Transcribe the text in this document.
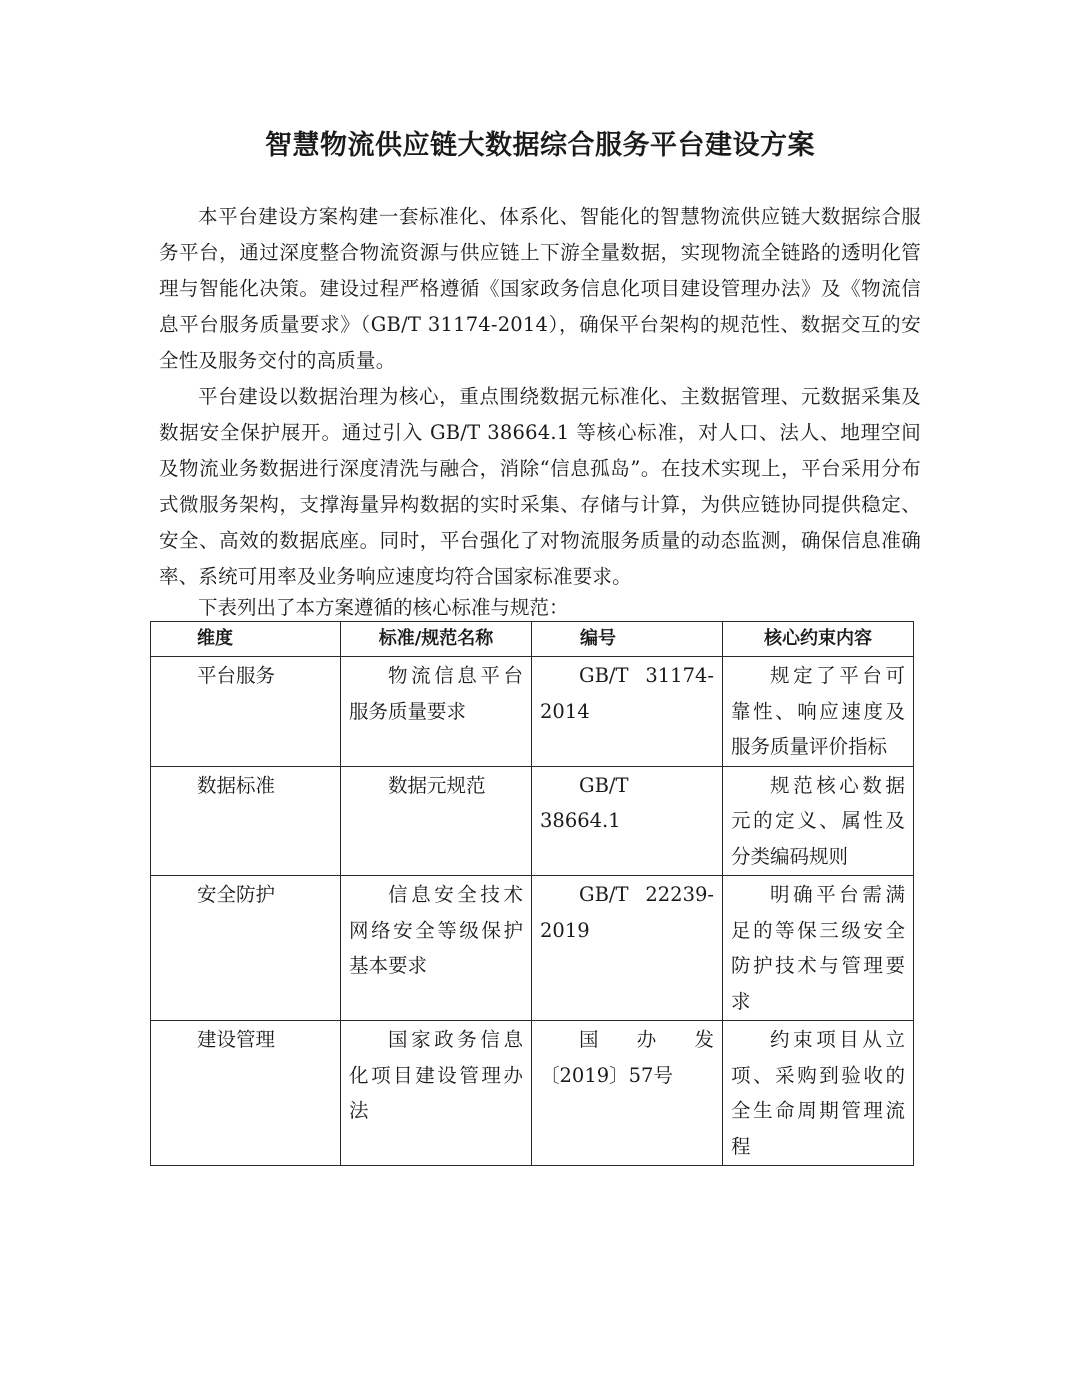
智慧物流供应链大数据综合服务平台建设方案

本平台建设方案构建一套标准化、体系化、智能化的智慧物流供应链大数据综合服务平台，通过深度整合物流资源与供应链上下游全量数据，实现物流全链路的透明化管理与智能化决策。建设过程严格遵循《国家政务信息化项目建设管理办法》及《物流信息平台服务质量要求》（GB/T 31174-2014），确保平台架构的规范性、数据交互的安全性及服务交付的高质量。

平台建设以数据治理为核心，重点围绕数据元标准化、主数据管理、元数据采集及数据安全保护展开。通过引入 GB/T 38664.1 等核心标准，对人口、法人、地理空间及物流业务数据进行深度清洗与融合，消除“信息孤岛”。在技术实现上，平台采用分布式微服务架构，支撑海量异构数据的实时采集、存储与计算，为供应链协同提供稳定、安全、高效的数据底座。同时，平台强化了对物流服务质量的动态监测，确保信息准确率、系统可用率及业务响应速度均符合国家标准要求。

下表列出了本方案遵循的核心标准与规范：

维度	标准/规范名称	编号	核心约束内容
平台服务	物流信息平台服务质量要求	GB/T 31174-2014	规定了平台可靠性、响应速度及服务质量评价指标
数据标准	数据元规范	GB/T 38664.1	规范核心数据元的定义、属性及分类编码规则
安全防护	信息安全技术 网络安全等级保护基本要求	GB/T 22239-2019	明确平台需满足的等保三级安全防护技术与管理要求
建设管理	国家政务信息化项目建设管理办法	国办发〔2019〕57号	约束项目从立项、采购到验收的全生命周期管理流程
